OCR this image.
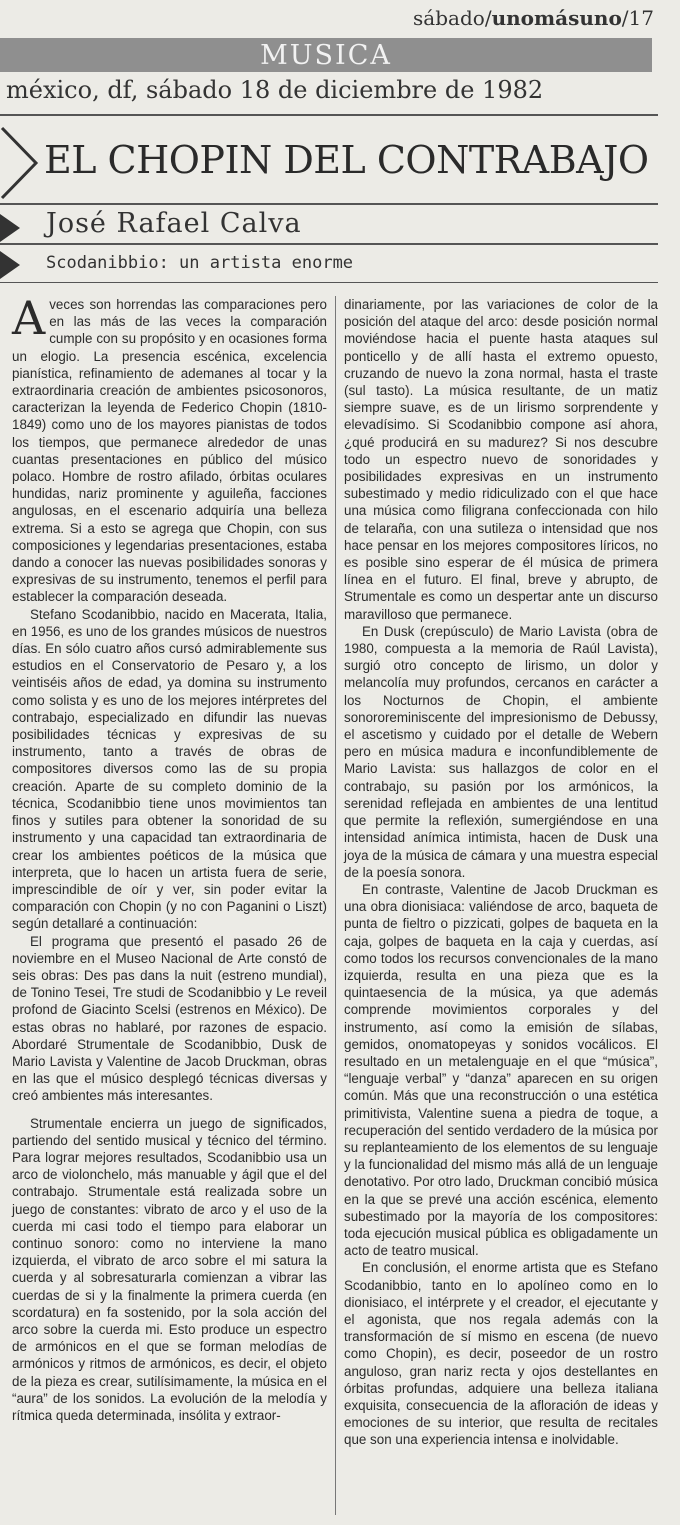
sábado/unomásuno/17
MUSICA
méxico, df, sábado 18 de diciembre de 1982
EL CHOPIN DEL CONTRABAJO
José Rafael Calva
Scodanibbio: un artista enorme

Aveces son horrendas las comparaciones pero en las más de las veces la comparación cumple con su propósito y en ocasiones forma un elogio. La presencia escénica, excelencia pianística, refinamiento de ademanes al tocar y la extraordinaria creación de ambientes psicosonoros, caracterizan la leyenda de Federico Chopin (1810-1849) como uno de los mayores pianistas de todos los tiempos, que permanece alrededor de unas cuantas presentaciones en público del músico polaco. Hombre de rostro afilado, órbitas oculares hundidas, nariz prominente y aguileña, facciones angulosas, en el escenario adquiría una belleza extrema. Si a esto se agrega que Chopin, con sus composiciones y legendarias presentaciones, estaba dando a conocer las nuevas posibilidades sonoras y expresivas de su instrumento, tenemos el perfil para establecer la comparación deseada.

Stefano Scodanibbio, nacido en Macerata, Italia, en 1956, es uno de los grandes músicos de nuestros días. En sólo cuatro años cursó admirablemente sus estudios en el Conservatorio de Pesaro y, a los veintiséis años de edad, ya domina su instrumento como solista y es uno de los mejores intérpretes del contrabajo, especializado en difundir las nuevas posibilidades técnicas y expresivas de su instrumento, tanto a través de obras de compositores diversos como las de su propia creación. Aparte de su completo dominio de la técnica, Scodanibbio tiene unos movimientos tan finos y sutiles para obtener la sonoridad de su instrumento y una capacidad tan extraordinaria de crear los ambientes poéticos de la música que interpreta, que lo hacen un artista fuera de serie, imprescindible de oír y ver, sin poder evitar la comparación con Chopin (y no con Paganini o Liszt) según detallaré a continuación:

El programa que presentó el pasado 26 de noviembre en el Museo Nacional de Arte constó de seis obras: Des pas dans la nuit (estreno mundial), de Tonino Tesei, Tre studi de Scodanibbio y Le reveil profond de Giacinto Scelsi (estrenos en México). De estas obras no hablaré, por razones de espacio. Abordaré Strumentale de Scodanibbio, Dusk de Mario Lavista y Valentine de Jacob Druckman, obras en las que el músico desplegó técnicas diversas y creó ambientes más interesantes.

Strumentale encierra un juego de significados, partiendo del sentido musical y técnico del término. Para lograr mejores resultados, Scodanibbio usa un arco de violonchelo, más manuable y ágil que el del contrabajo. Strumentale está realizada sobre un juego de constantes: vibrato de arco y el uso de la cuerda mi casi todo el tiempo para elaborar un continuo sonoro: como no interviene la mano izquierda, el vibrato de arco sobre el mi satura la cuerda y al sobresaturarla comienzan a vibrar las cuerdas de si y la finalmente la primera cuerda (en scordatura) en fa sostenido, por la sola acción del arco sobre la cuerda mi. Esto produce un espectro de armónicos en el que se forman melodías de armónicos y ritmos de armónicos, es decir, el objeto de la pieza es crear, sutilísimamente, la música en el “aura” de los sonidos. La evolución de la melodía y rítmica queda determinada, insólita y extraor-

dinariamente, por las variaciones de color de la posición del ataque del arco: desde posición normal moviéndose hacia el puente hasta ataques sul ponticello y de allí hasta el extremo opuesto, cruzando de nuevo la zona normal, hasta el traste (sul tasto). La música resultante, de un matiz siempre suave, es de un lirismo sorprendente y elevadísimo. Si Scodanibbio compone así ahora, ¿qué producirá en su madurez? Si nos descubre todo un espectro nuevo de sonoridades y posibilidades expresivas en un instrumento subestimado y medio ridiculizado con el que hace una música como filigrana confeccionada con hilo de telaraña, con una sutileza o intensidad que nos hace pensar en los mejores compositores líricos, no es posible sino esperar de él música de primera línea en el futuro. El final, breve y abrupto, de Strumentale es como un despertar ante un discurso maravilloso que permanece.

En Dusk (crepúsculo) de Mario Lavista (obra de 1980, compuesta a la memoria de Raúl Lavista), surgió otro concepto de lirismo, un dolor y melancolía muy profundos, cercanos en carácter a los Nocturnos de Chopin, el ambiente sonororeminiscente del impresionismo de Debussy, el ascetismo y cuidado por el detalle de Webern pero en música madura e inconfundiblemente de Mario Lavista: sus hallazgos de color en el contrabajo, su pasión por los armónicos, la serenidad reflejada en ambientes de una lentitud que permite la reflexión, sumergiéndose en una intensidad anímica intimista, hacen de Dusk una joya de la música de cámara y una muestra especial de la poesía sonora.

En contraste, Valentine de Jacob Druckman es una obra dionisiaca: valiéndose de arco, baqueta de punta de fieltro o pizzicati, golpes de baqueta en la caja, golpes de baqueta en la caja y cuerdas, así como todos los recursos convencionales de la mano izquierda, resulta en una pieza que es la quintaesencia de la música, ya que además comprende movimientos corporales y del instrumento, así como la emisión de sílabas, gemidos, onomatopeyas y sonidos vocálicos. El resultado en un metalenguaje en el que “música”, “lenguaje verbal” y “danza” aparecen en su origen común. Más que una reconstrucción o una estética primitivista, Valentine suena a piedra de toque, a recuperación del sentido verdadero de la música por su replanteamiento de los elementos de su lenguaje y la funcionalidad del mismo más allá de un lenguaje denotativo. Por otro lado, Druckman concibió música en la que se prevé una acción escénica, elemento subestimado por la mayoría de los compositores: toda ejecución musical pública es obligadamente un acto de teatro musical.

En conclusión, el enorme artista que es Stefano Scodanibbio, tanto en lo apolíneo como en lo dionisiaco, el intérprete y el creador, el ejecutante y el agonista, que nos regala además con la transformación de sí mismo en escena (de nuevo como Chopin), es decir, poseedor de un rostro anguloso, gran nariz recta y ojos destellantes en órbitas profundas, adquiere una belleza italiana exquisita, consecuencia de la afloración de ideas y emociones de su interior, que resulta de recitales que son una experiencia intensa e inolvidable.
